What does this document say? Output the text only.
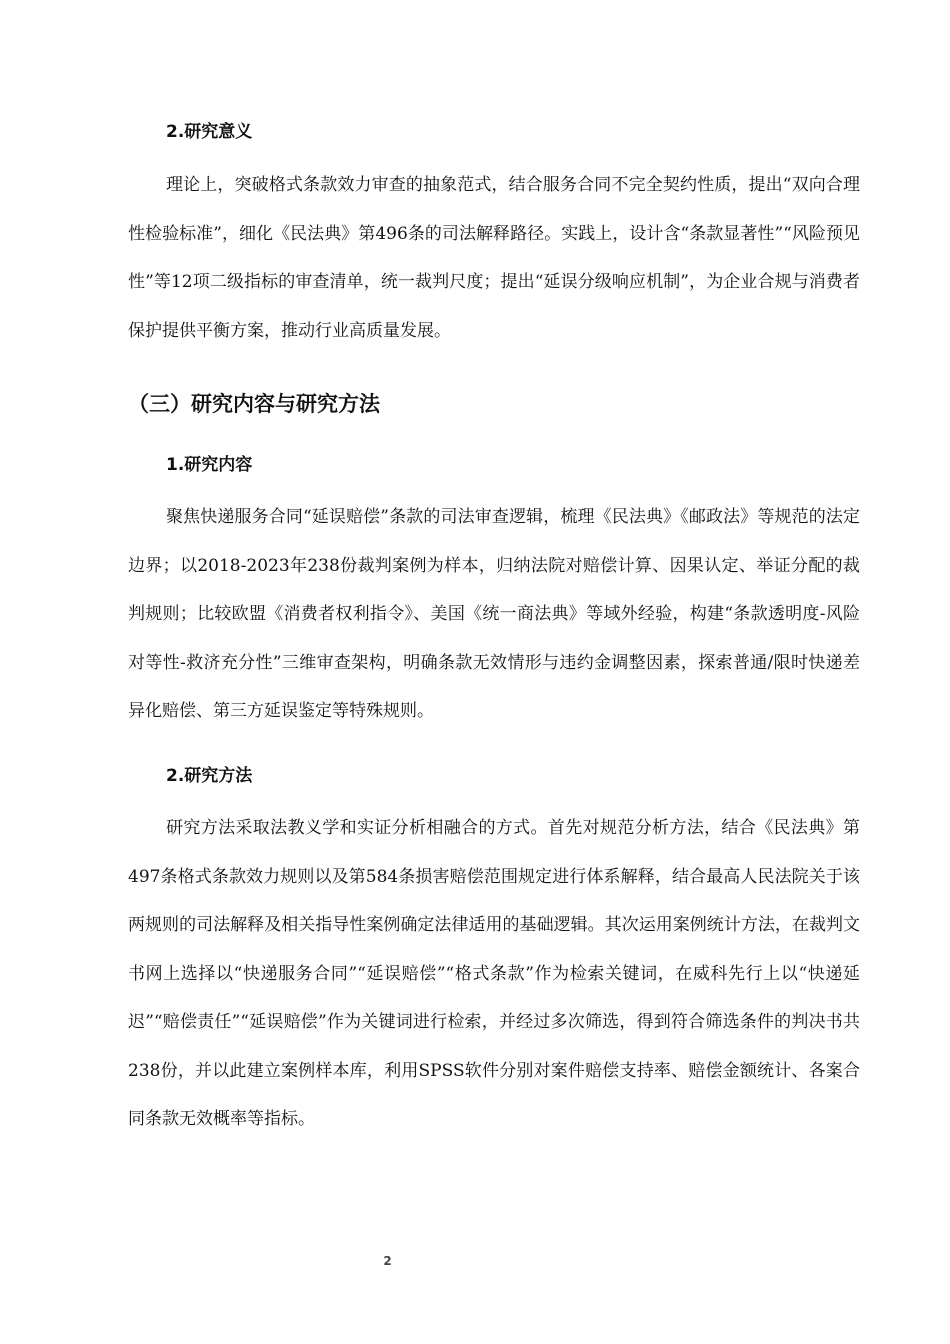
2.研究意义

理论上，突破格式条款效力审查的抽象范式，结合服务合同不完全契约性质，提出“双向合理性检验标准”，细化《民法典》第496条的司法解释路径。实践上，设计含“条款显著性”“风险预见性”等12项二级指标的审查清单，统一裁判尺度；提出“延误分级响应机制”，为企业合规与消费者保护提供平衡方案，推动行业高质量发展。

（三）研究内容与研究方法
1.研究内容

聚焦快递服务合同“延误赔偿”条款的司法审查逻辑，梳理《民法典》《邮政法》等规范的法定边界；以2018-2023年238份裁判案例为样本，归纳法院对赔偿计算、因果认定、举证分配的裁判规则；比较欧盟《消费者权利指令》、美国《统一商法典》等域外经验，构建“条款透明度-风险对等性-救济充分性”三维审查架构，明确条款无效情形与违约金调整因素，探索普通/限时快递差异化赔偿、第三方延误鉴定等特殊规则。

2.研究方法

研究方法采取法教义学和实证分析相融合的方式。首先对规范分析方法，结合《民法典》第497条格式条款效力规则以及第584条损害赔偿范围规定进行体系解释，结合最高人民法院关于该两规则的司法解释及相关指导性案例确定法律适用的基础逻辑。其次运用案例统计方法，在裁判文书网上选择以“快递服务合同”“延误赔偿”“格式条款”作为检索关键词，在威科先行上以“快递延迟”“赔偿责任”“延误赔偿”作为关键词进行检索，并经过多次筛选，得到符合筛选条件的判决书共238份，并以此建立案例样本库，利用SPSS软件分别对案件赔偿支持率、赔偿金额统计、各案合同条款无效概率等指标。

2
